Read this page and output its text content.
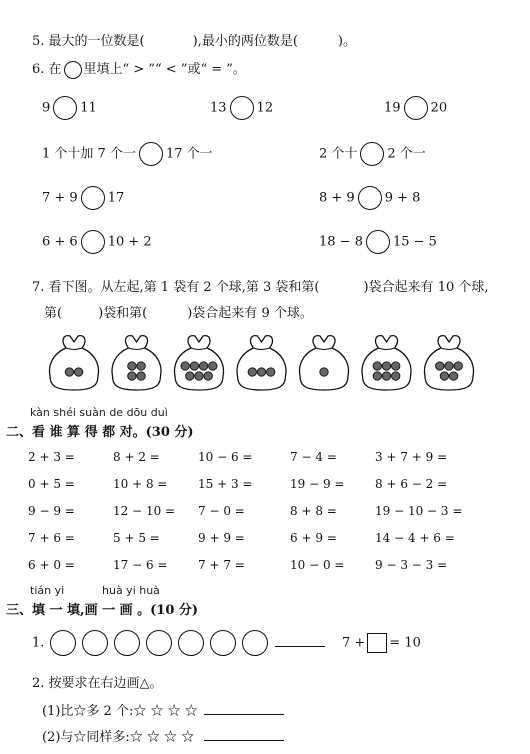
5. 最大的一位数是(	),最小的两位数是(	)。
6. 在 里填上“ > ”“ < ”或“ = ”。
9 11	13 12	19 20
1 个十加 7 个一 17 个一	2 个十 2 个一
7 + 9 17	8 + 9 9 + 8
6 + 6 10 + 2	18 − 8 15 − 5
7. 看下图。从左起,第 1 袋有 2 个球,第 3 袋和第(	)袋合起来有 10 个球,
第(	)袋和第(	)袋合起来有 9 个球。
kàn shéi suàn de dōu duì
二、看 谁 算 得 都 对。(30 分)
2 + 3 =	8 + 2 =	10 − 6 =	7 − 4 =	3 + 7 + 9 =
0 + 5 =	10 + 8 =	15 + 3 =	19 − 9 =	8 + 6 − 2 =
9 − 9 =	12 − 10 = 7 − 0 =	8 + 8 =	19 − 10 − 3 =
7 + 6 =	5 + 5 =	9 + 9 =	6 + 9 =	14 − 4 + 6 =
6 + 0 =	17 − 6 =	7 + 7 =	10 − 0 =	9 − 3 − 3 =
tián yi	huà yi huà
三、填 一 填,画 一 画 。(10 分)
1.	7 + = 10
2. 按要求在右边画△。
(1)比☆多 2 个:☆ ☆ ☆ ☆
(2)与☆同样多:☆ ☆ ☆ ☆
